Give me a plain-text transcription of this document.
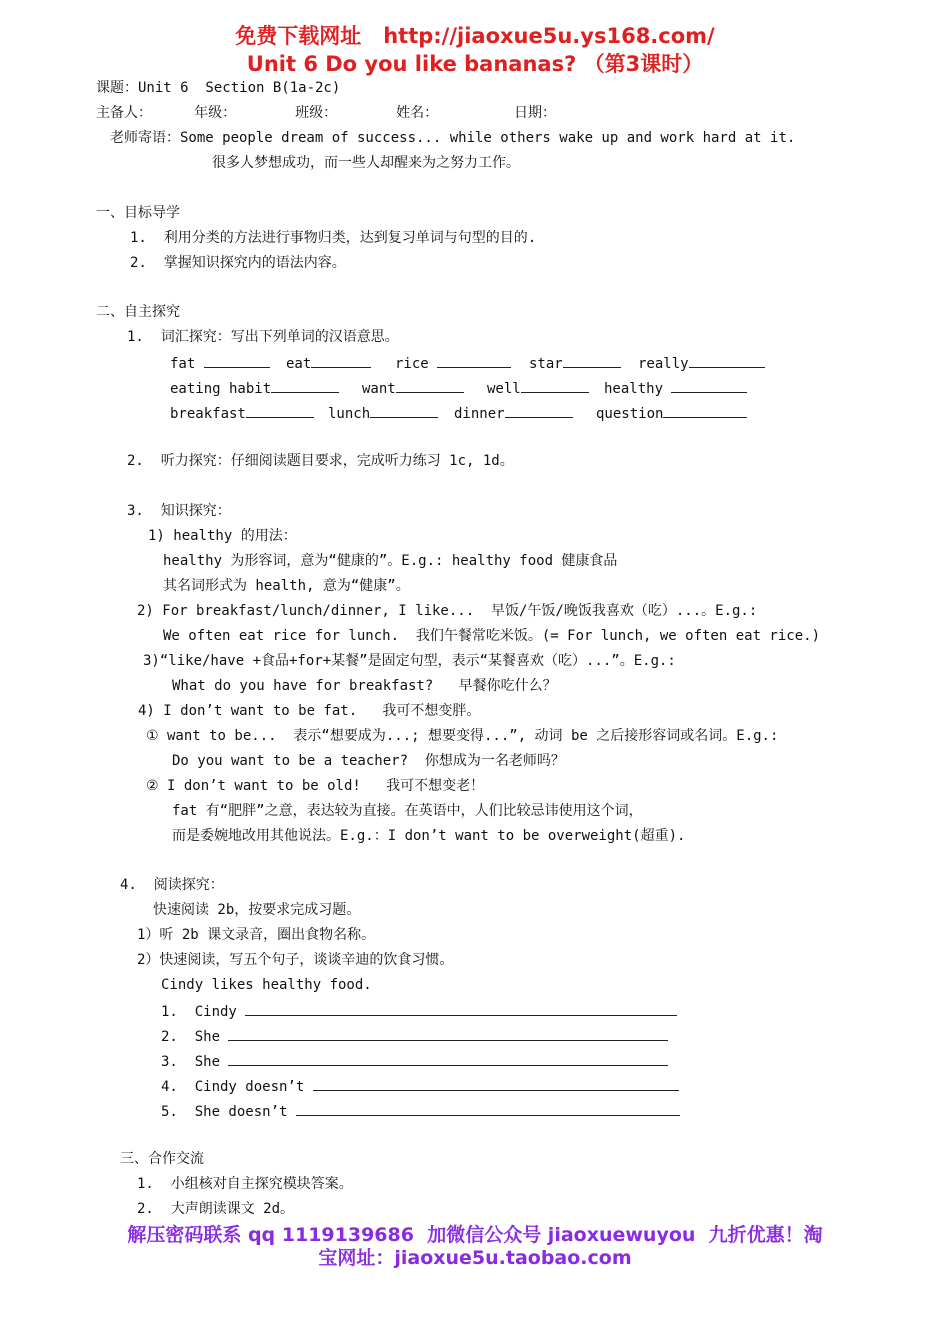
免费下载网址   http://jiaoxue5u.ys168.com/
Unit 6 Do you like bananas? （第3课时）
课题：Unit 6  Section B(1a-2c)
主备人：     年级：       班级：       姓名：         日期：
老师寄语：Some people dream of success... while others wake up and work hard at it.
很多人梦想成功，而一些人却醒来为之努力工作。
一、目标导学
1.  利用分类的方法进行事物归类，达到复习单词与句型的目的.
2.  掌握知识探究内的语法内容。
二、自主探究
1.  词汇探究：写出下列单词的汉语意思。
fat	eat	rice	star	really
eating habit	want	well	healthy
breakfast	lunch	dinner	question
2.  听力探究：仔细阅读题目要求，完成听力练习 1c, 1d。
3.  知识探究：
1) healthy 的用法：
healthy 为形容词，意为“健康的”。E.g.: healthy food 健康食品
其名词形式为 health, 意为“健康”。
2) For breakfast/lunch/dinner, I like...  早饭/午饭/晚饭我喜欢（吃）...。E.g.:
We often eat rice for lunch.  我们午餐常吃米饭。(= For lunch, we often eat rice.)
3)“like/have +食品+for+某餐”是固定句型，表示“某餐喜欢（吃）...”。E.g.:
What do you have for breakfast?   早餐你吃什么？
4) I don’t want to be fat.   我可不想变胖。
① want to be...  表示“想要成为...; 想要变得...”, 动词 be 之后接形容词或名词。E.g.:
Do you want to be a teacher?  你想成为一名老师吗？
② I don’t want to be old!   我可不想变老！
fat 有“肥胖”之意，表达较为直接。在英语中，人们比较忌讳使用这个词，
而是委婉地改用其他说法。E.g.：I don’t want to be overweight(超重).
4.  阅读探究：
快速阅读 2b，按要求完成习题。
1）听 2b 课文录音，圈出食物名称。
2）快速阅读，写五个句子，谈谈辛迪的饮食习惯。
Cindy likes healthy food.
1.  Cindy
2.  She
3.  She
4.  Cindy doesn’t
5.  She doesn’t
三、合作交流
1.  小组核对自主探究模块答案。
2.  大声朗读课文 2d。
解压密码联系 qq 1119139686  加微信公众号 jiaoxuewuyou  九折优惠！淘
宝网址：jiaoxue5u.taobao.com
